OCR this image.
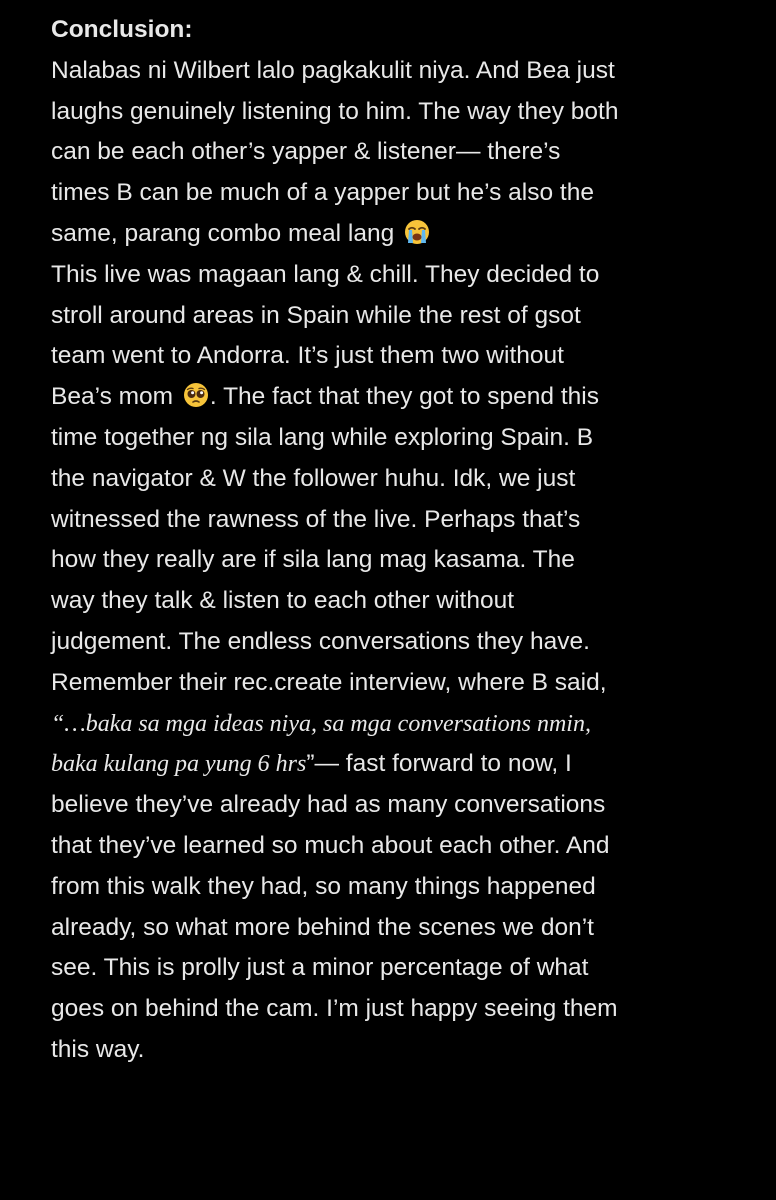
Conclusion:
Nalabas ni Wilbert lalo pagkakulit niya. And Bea just
laughs genuinely listening to him. The way they both
can be each other’s yapper & listener— there’s
times B can be much of a yapper but he’s also the
same, parang combo meal lang
This live was magaan lang & chill. They decided to
stroll around areas in Spain while the rest of gsot
team went to Andorra. It’s just them two without
Bea’s mom . The fact that they got to spend this
time together ng sila lang while exploring Spain. B
the navigator & W the follower huhu. Idk, we just
witnessed the rawness of the live. Perhaps that’s
how they really are if sila lang mag kasama. The
way they talk & listen to each other without
judgement. The endless conversations they have.
Remember their rec.create interview, where B said,
“…baka sa mga ideas niya, sa mga conversations nmin,
baka kulang pa yung 6 hrs”— fast forward to now, I
believe they’ve already had as many conversations
that they’ve learned so much about each other. And
from this walk they had, so many things happened
already, so what more behind the scenes we don’t
see. This is prolly just a minor percentage of what
goes on behind the cam. I’m just happy seeing them
this way.
